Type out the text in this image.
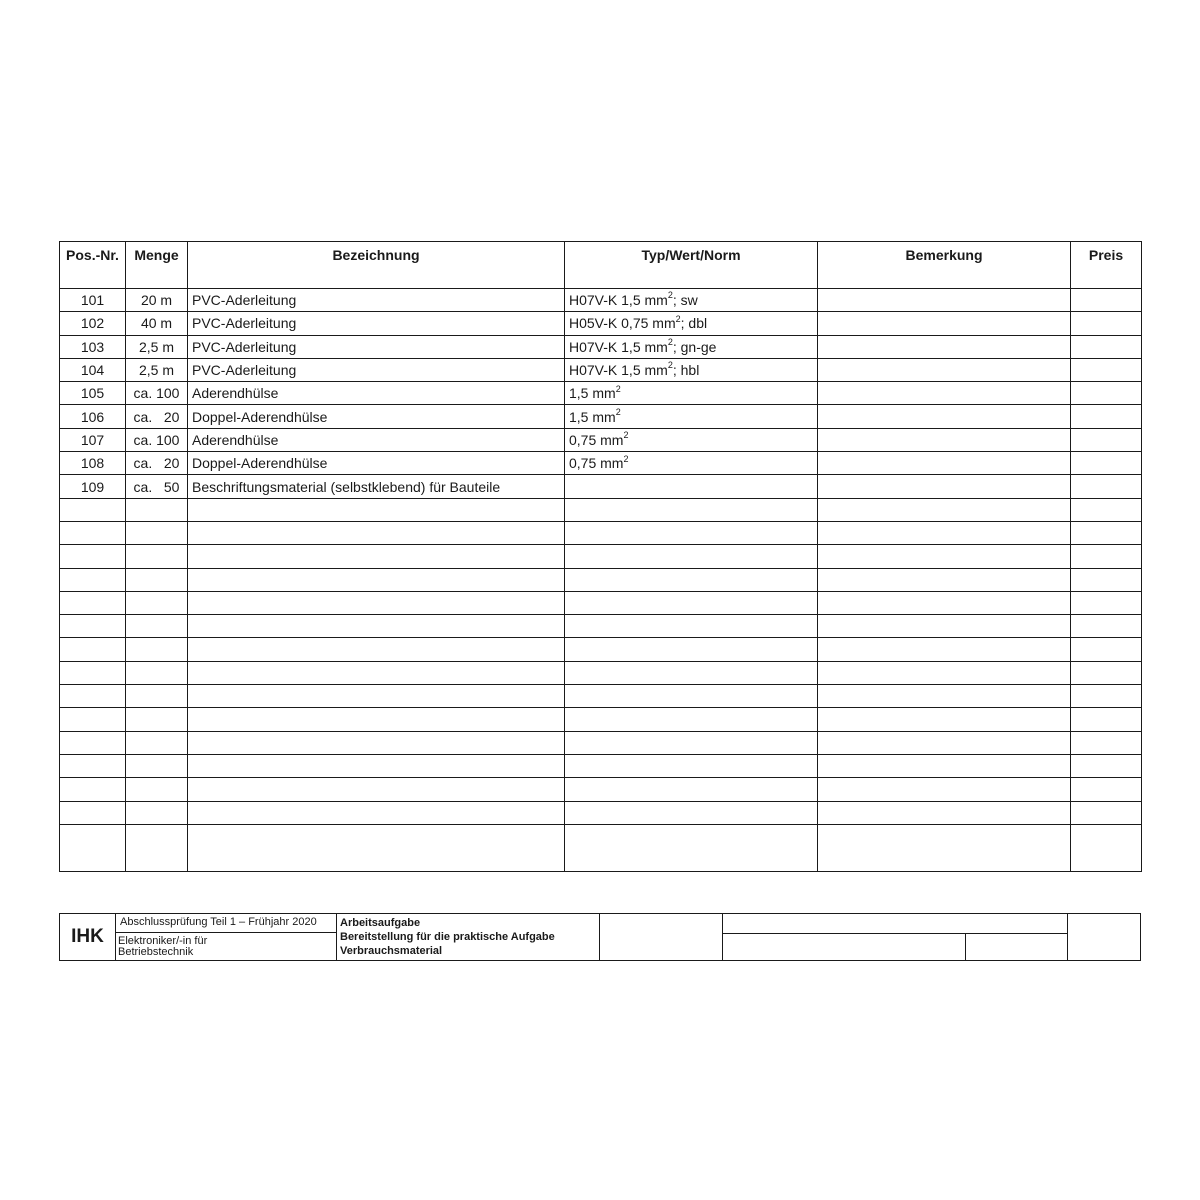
Pos.-Nr.	Menge	Bezeichnung	Typ/Wert/Norm	Bemerkung	Preis
101	20 m	PVC-Aderleitung	H07V-K 1,5 $mm^2$; sw		
102	40 m	PVC-Aderleitung	H05V-K 0,75 $mm^2$; dbl		
103	2,5 m	PVC-Aderleitung	H07V-K 1,5 $mm^2$; gn-ge		
104	2,5 m	PVC-Aderleitung	H07V-K 1,5 $mm^2$; hbl		
105	ca. 100	Aderendhülse	1,5 $mm^2$		
106	ca.   20	Doppel-Aderendhülse	1,5 $mm^2$		
107	ca. 100	Aderendhülse	0,75 $mm^2$		
108	ca.   20	Doppel-Aderendhülse	0,75 $mm^2$		
109	ca.   50	Beschriftungsmaterial (selbstklebend) für Bauteile			

IHK
Abschlussprüfung Teil 1 – Frühjahr 2020
Elektroniker/-in für
Betriebstechnik
Arbeitsaufgabe
Bereitstellung für die praktische Aufgabe
Verbrauchsmaterial
